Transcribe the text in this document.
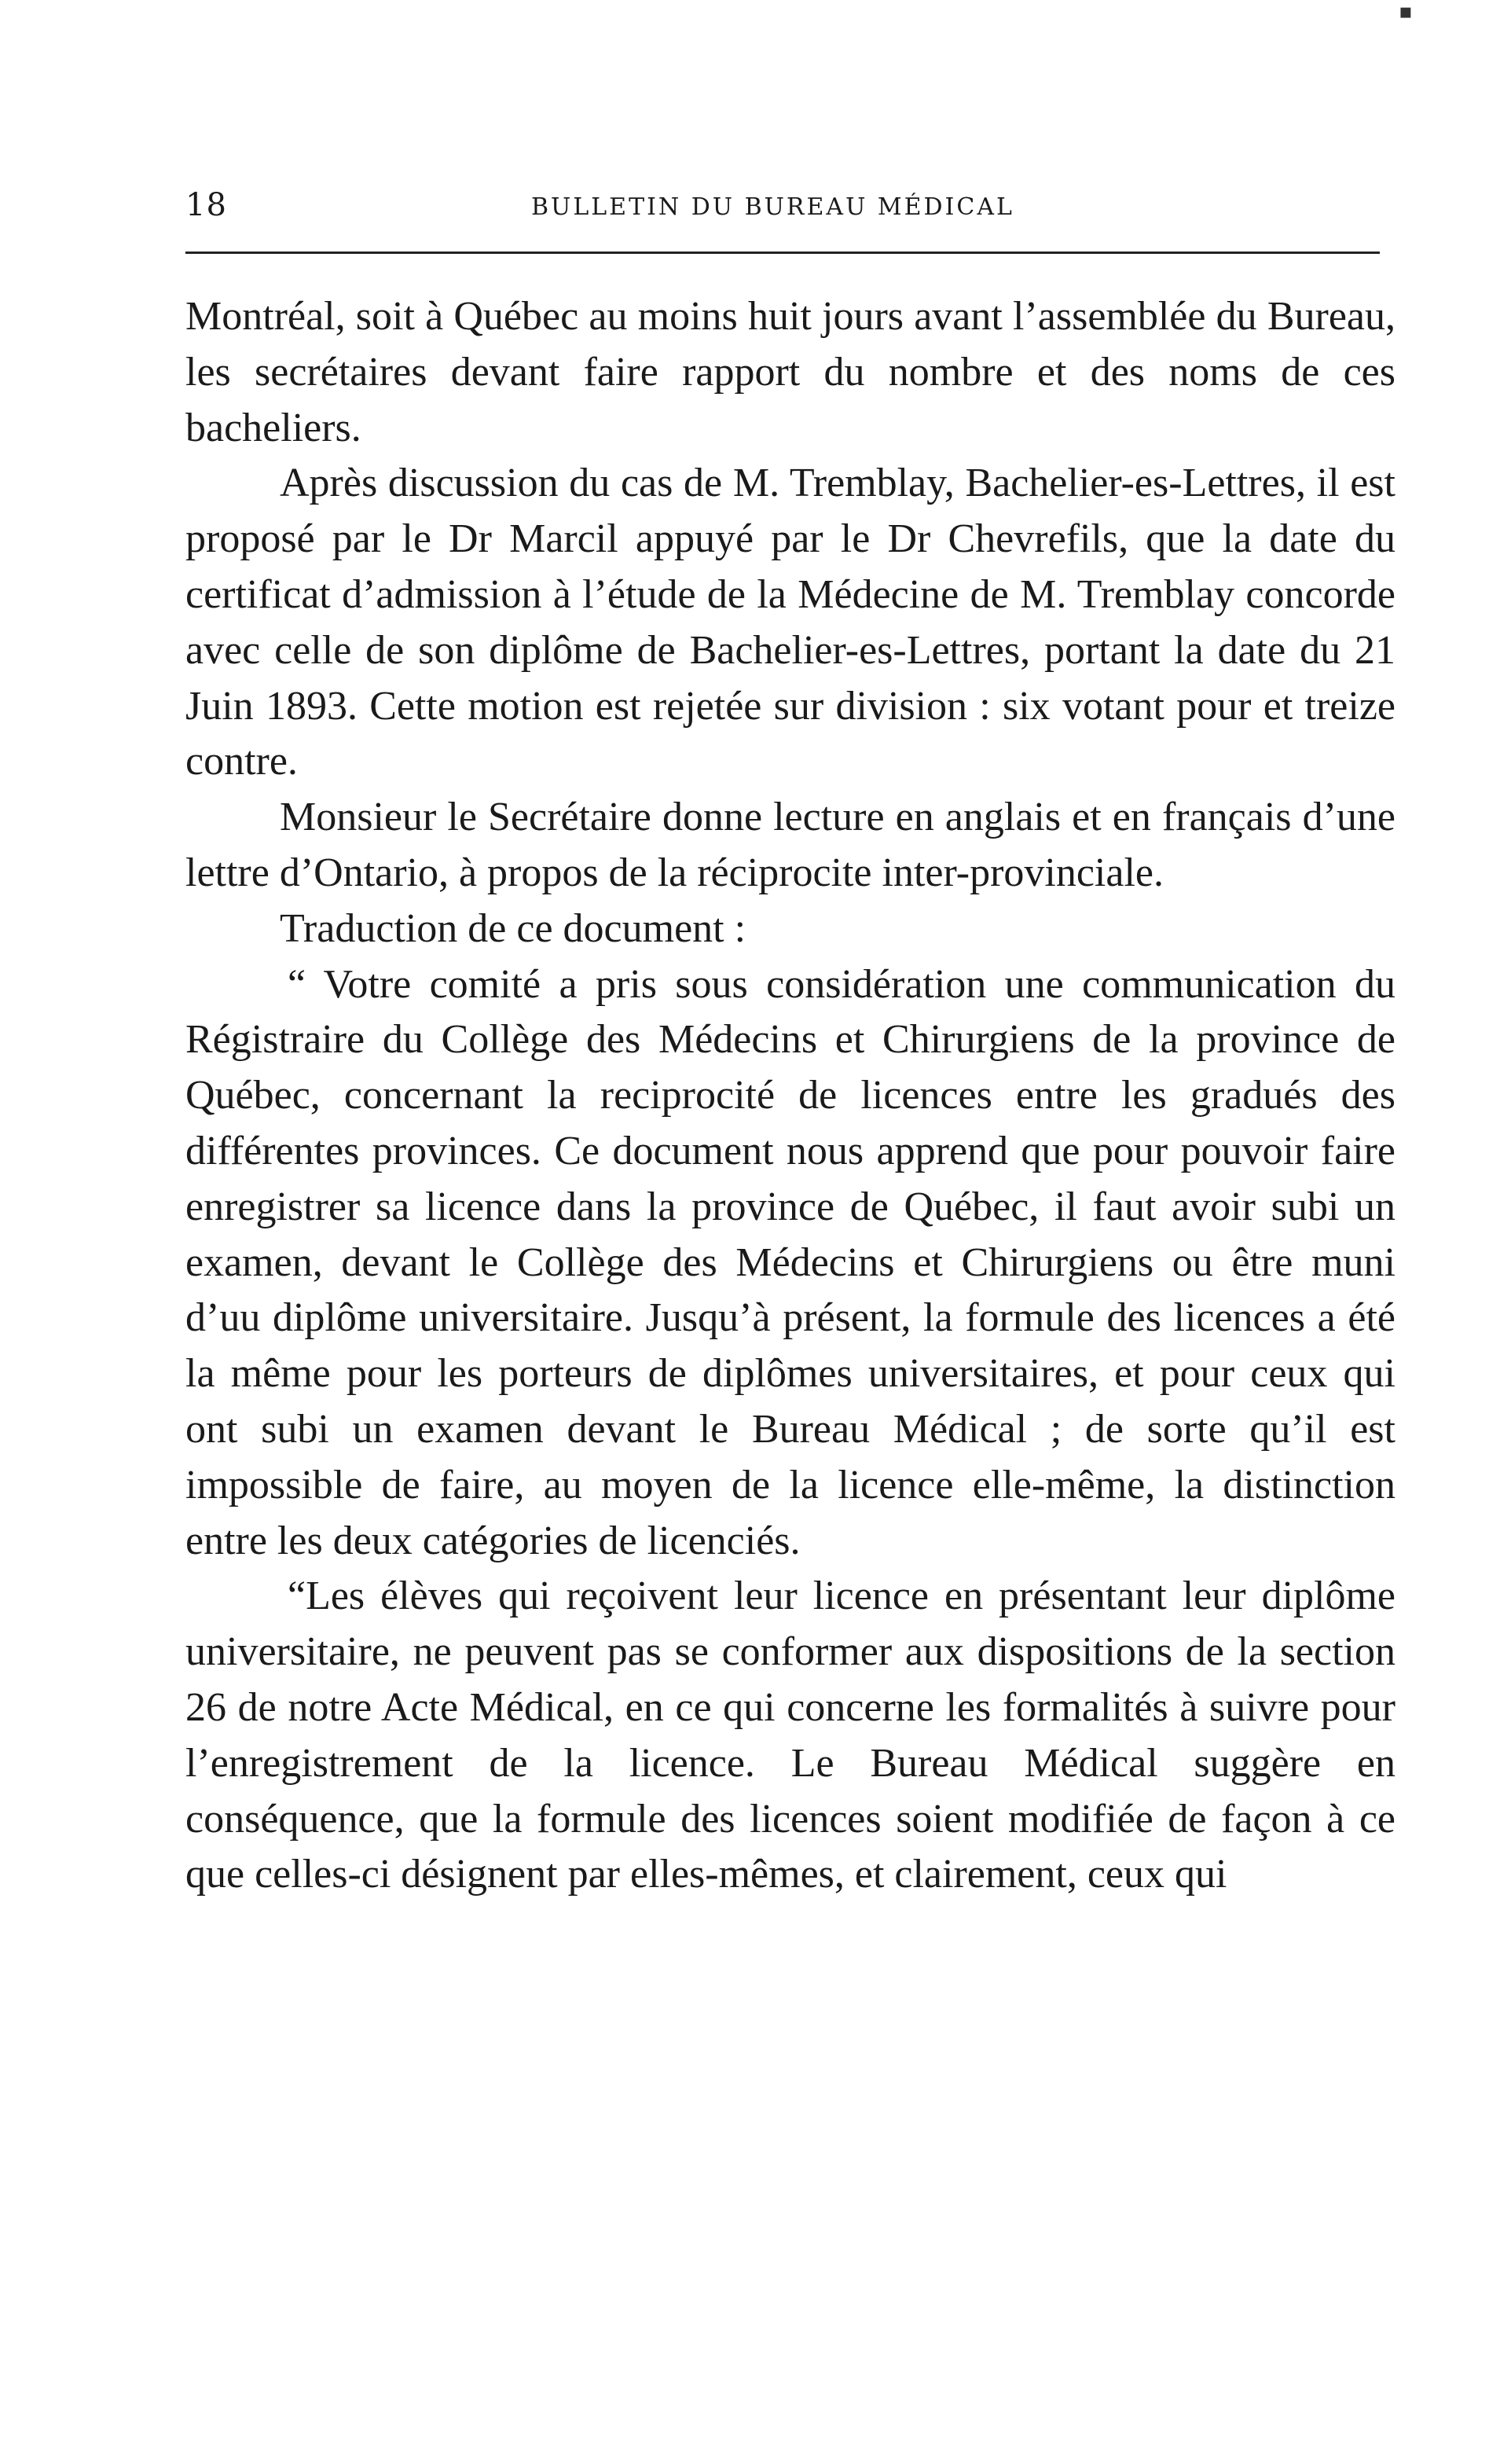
▪
18	BULLETIN DU BUREAU MÉDICAL

Montréal, soit à Québec au moins huit jours avant l’assemblée du Bureau, les secrétaires devant faire rapport du nombre et des noms de ces bacheliers.

Après discussion du cas de M. Tremblay, Bachelier-es-Lettres, il est proposé par le Dr Marcil appuyé par le Dr Chevrefils, que la date du certificat d’admission à l’étude de la Médecine de M. Tremblay concorde avec celle de son diplôme de Bachelier-es-Lettres, portant la date du 21 Juin 1893. Cette motion est rejetée sur division : six votant pour et treize contre.

Monsieur le Secrétaire donne lecture en anglais et en français d’une lettre d’Ontario, à propos de la réciprocite inter-provinciale.

Traduction de ce document :

“ Votre comité a pris sous considération une communication du Régistraire du Collège des Médecins et Chirurgiens de la province de Québec, concernant la reciprocité de licences entre les gradués des différentes provinces. Ce document nous apprend que pour pouvoir faire enregistrer sa licence dans la province de Québec, il faut avoir subi un examen, devant le Collège des Médecins et Chirurgiens ou être muni d’uu diplôme universitaire. Jusqu’à présent, la formule des licences a été la même pour les porteurs de diplômes universitaires, et pour ceux qui ont subi un examen devant le Bureau Médical ; de sorte qu’il est impossible de faire, au moyen de la licence elle-même, la distinction entre les deux catégories de licenciés.

“Les élèves qui reçoivent leur licence en présentant leur diplôme universitaire, ne peuvent pas se conformer aux dispositions de la section 26 de notre Acte Médical, en ce qui concerne les formalités à suivre pour l’enregistrement de la licence. Le Bureau Médical suggère en conséquence, que la formule des licences soient modifiée de façon à ce que celles-ci désignent par elles-mêmes, et clairement, ceux qui
